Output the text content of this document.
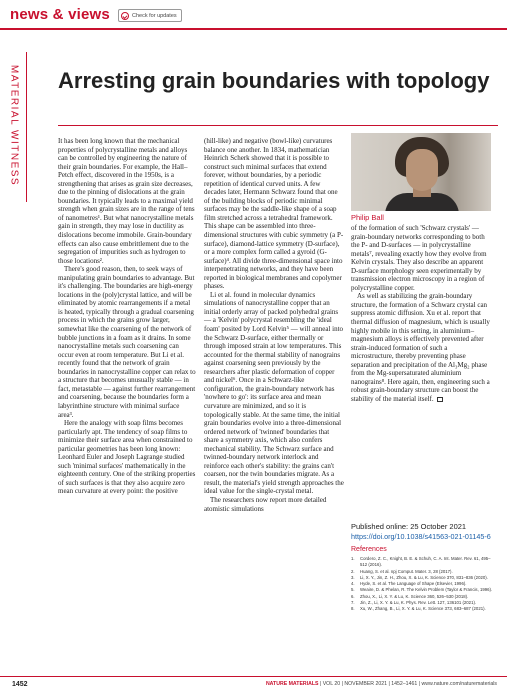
news & views	Check for updates
MATERIAL WITNESS Arresting grain boundaries with topology

It has been long known that the mechanical properties of polycrystalline metals and alloys can be controlled by engineering the nature of their grain boundaries. For example, the Hall–Petch effect, discovered in the 1950s, is a strengthening that arises as grain size decreases, due to the pinning of dislocations at the grain boundaries. It typically leads to a maximal yield strength when grain sizes are in the range of tens of nanometres¹. But what nanocrystalline metals gain in strength, they may lose in ductility as dislocations become immobile. Grain-boundary effects can also cause embrittlement due to the segregation of impurities such as hydrogen to those locations².

There's good reason, then, to seek ways of manipulating grain boundaries to advantage. But it's challenging. The boundaries are high-energy locations in the (poly)crystal lattice, and will be eliminated by atomic rearrangements if a metal is heated, typically through a gradual coarsening process in which the grains grow larger, somewhat like the coarsening of the network of bubble junctions in a foam as it drains. In some nanocrystalline metals such coarsening can occur even at room temperature. But Li et al. recently found that the network of grain boundaries in nanocrystalline copper can relax to a structure that becomes unusually stable — in fact, metastable — against further rearrangement and coarsening, because the boundaries form a labyrinthine structure with minimal surface area³.

Here the analogy with soap films becomes particularly apt. The tendency of soap films to minimize their surface area when constrained to particular geometries has been long known: Leonhard Euler and Joseph Lagrange studied such 'minimal surfaces' mathematically in the eighteenth century. One of the striking properties of such surfaces is that they also acquire zero mean curvature at every point: the positive

(hill-like) and negative (bowl-like) curvatures balance one another. In 1834, mathematician Heinrich Scherk showed that it is possible to construct such minimal surfaces that extend forever, without boundaries, by a periodic repetition of identical curved units. A few decades later, Hermann Schwarz found that one of the building blocks of periodic minimal surfaces may be the saddle-like shape of a soap film stretched across a tetrahedral framework. This shape can be assembled into three-dimensional structures with cubic symmetry (a P-surface), diamond-lattice symmetry (D-surface), or a more complex form called a gyroid (G-surface)⁴. All divide three-dimensional space into interpenetrating networks, and they have been reported in biological membranes and copolymer phases.

Li et al. found in molecular dynamics simulations of nanocrystalline copper that an initial orderly array of packed polyhedral grains — a 'Kelvin' polycrystal resembling the 'ideal foam' posited by Lord Kelvin⁵ — will anneal into the Schwarz D-surface, either thermally or through imposed strain at low temperatures. This accounted for the thermal stability of nanograins against coarsening seen previously by the researchers after plastic deformation of copper and nickel⁶. Once in a Schwarz-like configuration, the grain-boundary network has 'nowhere to go': its surface area and mean curvature are minimized, and so it is topologically stable. At the same time, the initial grain boundaries evolve into a three-dimensional ordered network of 'twinned' boundaries that share a symmetry axis, which also confers mechanical stability. The Schwarz surface and twinned-boundary network interlock and reinforce each other's stability: the grains can't coarsen, nor the twin boundaries migrate. As a result, the material's yield strength approaches the ideal value for the single-crystal metal.

The researchers now report more detailed atomistic simulations

Philip Ball

of the formation of such 'Schwarz crystals' — grain-boundary networks corresponding to both the P- and D-surfaces — in polycrystalline metals⁷, revealing exactly how they evolve from Kelvin crystals. They also describe an apparent D-surface morphology seen experimentally by transmission electron microscopy in a region of polycrystalline copper.

As well as stabilizing the grain-boundary structure, the formation of a Schwarz crystal can suppress atomic diffusion. Xu et al. report that thermal diffusion of magnesium, which is usually highly mobile in this setting, in aluminium–magnesium alloys is effectively prevented after strain-induced formation of such a microstructure, thereby preventing phase separation and precipitation of the Al₃Mg₂ phase from the Mg-supersaturated aluminium nanograins⁸. Here again, then, engineering such a robust grain-boundary structure can boost the stability of the material itself.

Published online: 25 October 2021
https://doi.org/10.1038/s41563-021-01145-6
References
1.	Cordero, Z. C., Knight, B. E. & Schuh, C. A. Int. Mater. Rev. 61, 495–512 (2016).
2.	Huang, S. et al. npj Comput. Mater. 3, 28 (2017).
3.	Li, X. Y., Jin, Z. H., Zhou, X. & Lu, K. Science 370, 831–836 (2020).
4.	Hyde, S. et al. The Language of Shape (Elsevier, 1996).
5.	Weaire, D. & Phelan, R. The Kelvin Problem (Taylor & Francis, 1996).
6.	Zhou, X., Li, X. Y. & Lu, K. Science 360, 526–530 (2018).
7.	Jin, Z., Li, X. Y. & Lu, K. Phys. Rev. Lett. 127, 136101 (2021).
8.	Xu, W., Zhang, B., Li, X. Y. & Lu, K. Science 373, 683–687 (2021).
1452	NATURE MATERIALS | VOL 20 | NOVEMBER 2021 | 1452–1461 | www.nature.com/naturematerials
